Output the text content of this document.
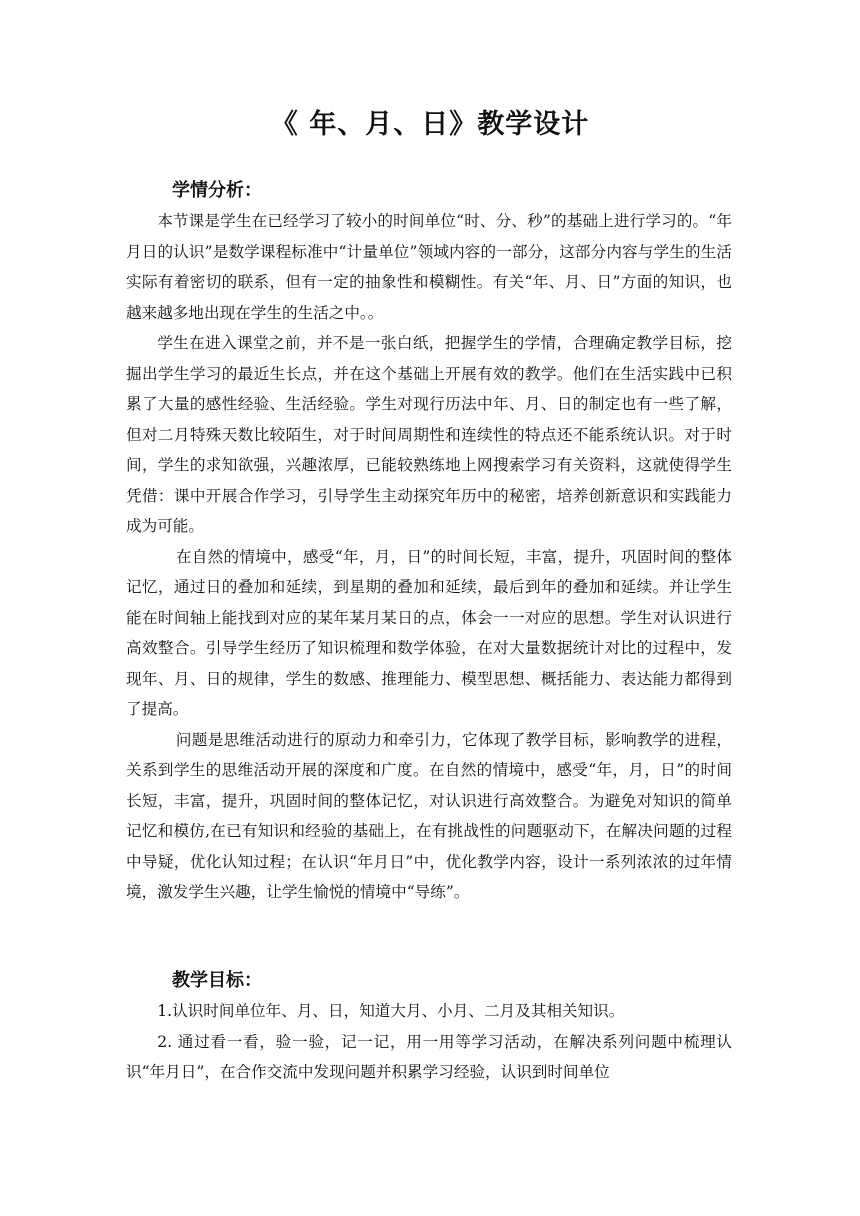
《 年、月、日》教学设计
学情分析：

本节课是学生在已经学习了较小的时间单位“时、分、秒”的基础上进行学习的。“年月日的认识”是数学课程标准中“计量单位”领域内容的一部分，这部分内容与学生的生活实际有着密切的联系，但有一定的抽象性和模糊性。有关“年、月、日”方面的知识，也越来越多地出现在学生的生活之中。。

学生在进入课堂之前，并不是一张白纸，把握学生的学情，合理确定教学目标，挖掘出学生学习的最近生长点，并在这个基础上开展有效的教学。他们在生活实践中已积累了大量的感性经验、生活经验。学生对现行历法中年、月、日的制定也有一些了解，但对二月特殊天数比较陌生，对于时间周期性和连续性的特点还不能系统认识。对于时间，学生的求知欲强，兴趣浓厚，已能较熟练地上网搜索学习有关资料，这就使得学生凭借：课中开展合作学习，引导学生主动探究年历中的秘密，培养创新意识和实践能力成为可能。

在自然的情境中，感受“年，月，日”的时间长短，丰富，提升，巩固时间的整体记忆，通过日的叠加和延续，到星期的叠加和延续，最后到年的叠加和延续。并让学生能在时间轴上能找到对应的某年某月某日的点，体会一一对应的思想。学生对认识进行高效整合。引导学生经历了知识梳理和数学体验，在对大量数据统计对比的过程中，发现年、月、日的规律，学生的数感、推理能力、模型思想、概括能力、表达能力都得到了提高。

问题是思维活动进行的原动力和牵引力，它体现了教学目标，影响教学的进程，关系到学生的思维活动开展的深度和广度。在自然的情境中，感受“年，月，日”的时间长短，丰富，提升，巩固时间的整体记忆，对认识进行高效整合。为避免对知识的简单记忆和模仿,在已有知识和经验的基础上，在有挑战性的问题驱动下，在解决问题的过程中导疑，优化认知过程；在认识“年月日”中，优化教学内容，设计一系列浓浓的过年情境，激发学生兴趣，让学生愉悦的情境中“导练”。

教学目标：

1.认识时间单位年、月、日，知道大月、小月、二月及其相关知识。

2. 通过看一看，验一验，记一记，用一用等学习活动，在解决系列问题中梳理认识“年月日”，在合作交流中发现问题并积累学习经验，认识到时间单位
